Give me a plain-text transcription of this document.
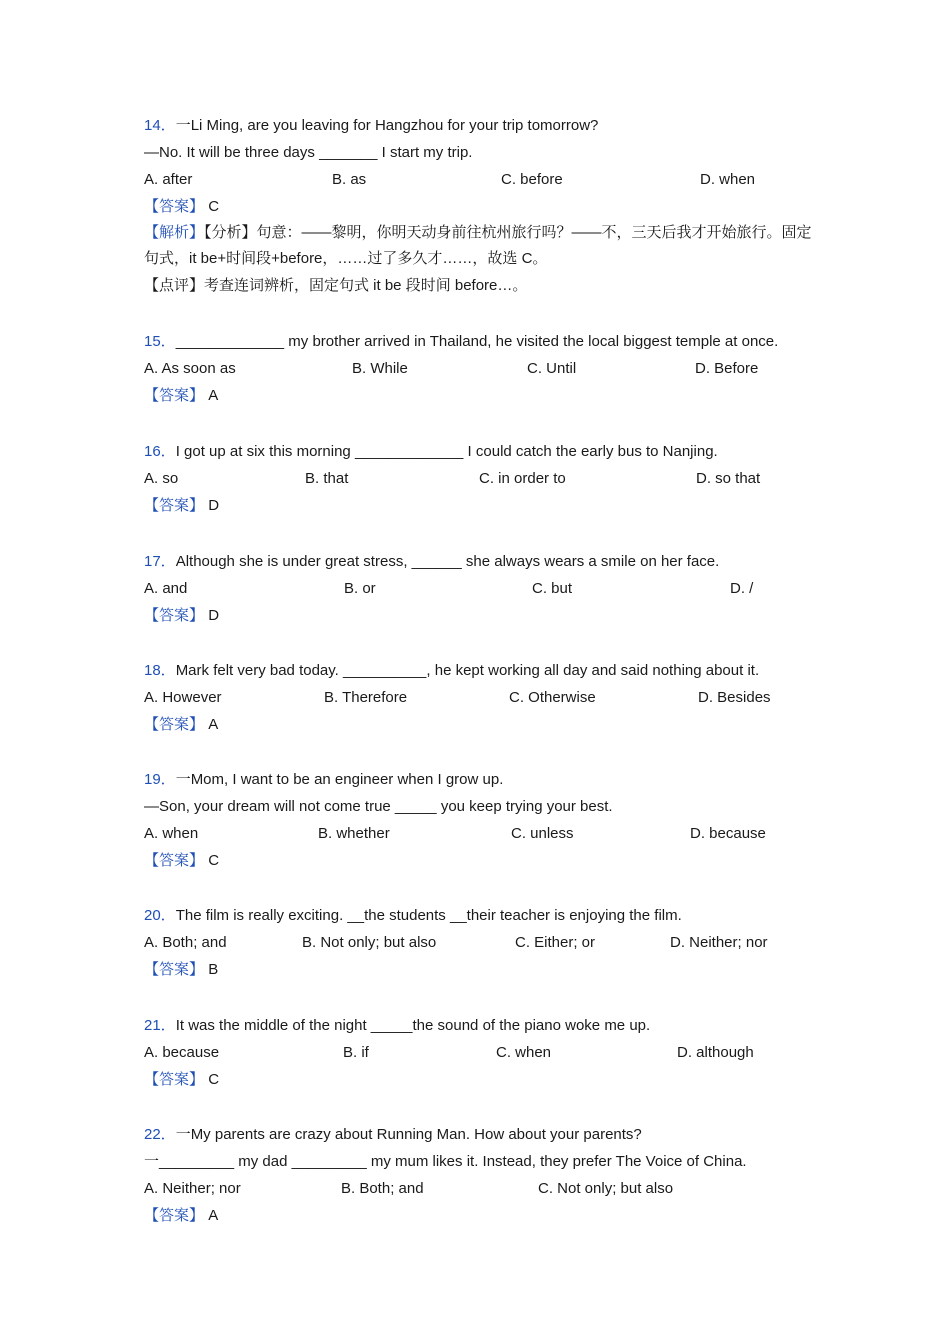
14．一Li Ming, are you leaving for Hangzhou for your trip tomorrow?
—No. It will be three days _______ I start my trip.
A. after	B. as	C. before	D. when
【答案】 C
【解析】【分析】句意：——黎明，你明天动身前往杭州旅行吗？——不，三天后我才开始旅行。固定句式，it be+时间段+before，……过了多久才……，故选 C。
【点评】考查连词辨析，固定句式 it be 段时间 before…。
15．_____________ my brother arrived in Thailand, he visited the local biggest temple at once.
A. As soon as	B. While	C. Until	D. Before
【答案】 A
16．I got up at six this morning _____________ I could catch the early bus to Nanjing.
A. so	B. that	C. in order to	D. so that
【答案】 D
17．Although she is under great stress, ______ she always wears a smile on her face.
A. and	B. or	C. but	D. /
【答案】 D
18．Mark felt very bad today. __________, he kept working all day and said nothing about it.
A. However	B. Therefore	C. Otherwise	D. Besides
【答案】 A
19．一Mom, I want to be an engineer when I grow up.
—Son, your dream will not come true _____ you keep trying your best.
A. when	B. whether	C. unless	D. because
【答案】 C
20．The film is really exciting. __the students __their teacher is enjoying the film.
A. Both; and	B. Not only; but also	C. Either; or	D. Neither; nor
【答案】 B
21．It was the middle of the night _____the sound of the piano woke me up.
A. because	B. if	C. when	D. although
【答案】 C
22．一My parents are crazy about Running Man. How about your parents?
一_________ my dad _________ my mum likes it. Instead, they prefer The Voice of China.
A. Neither; nor	B. Both; and	C. Not only; but also
【答案】 A
